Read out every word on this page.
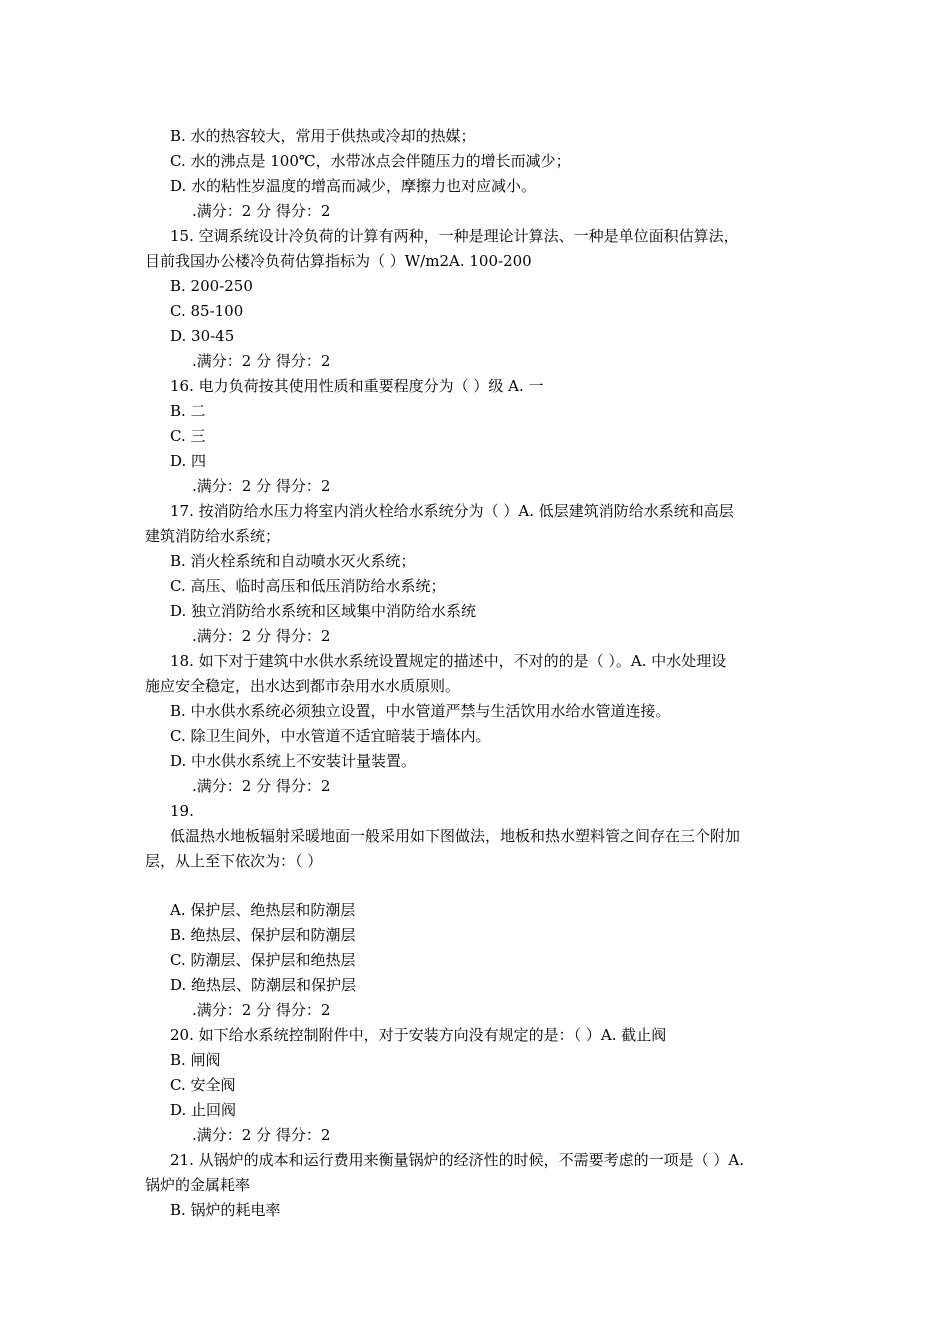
B. 水的热容较大，常用于供热或冷却的热媒；
C. 水的沸点是 100℃，水带冰点会伴随压力的增长而减少；
D. 水的粘性岁温度的增高而减少，摩擦力也对应减小。
.满分：2 分 得分：2
15. 空调系统设计冷负荷的计算有两种，一种是理论计算法、一种是单位面积估算法，
目前我国办公楼冷负荷估算指标为（ ）W/m2A. 100-200
B. 200-250
C. 85-100
D. 30-45
.满分：2 分 得分：2
16. 电力负荷按其使用性质和重要程度分为（ ）级 A. 一
B. 二
C. 三
D. 四
.满分：2 分 得分：2
17. 按消防给水压力将室内消火栓给水系统分为（ ）A. 低层建筑消防给水系统和高层
建筑消防给水系统；
B. 消火栓系统和自动喷水灭火系统；
C. 高压、临时高压和低压消防给水系统；
D. 独立消防给水系统和区域集中消防给水系统
.满分：2 分 得分：2
18. 如下对于建筑中水供水系统设置规定的描述中，不对的的是（ ）。A. 中水处理设
施应安全稳定，出水达到都市杂用水水质原则。
B. 中水供水系统必须独立设置，中水管道严禁与生活饮用水给水管道连接。
C. 除卫生间外，中水管道不适宜暗装于墙体内。
D. 中水供水系统上不安装计量装置。
.满分：2 分 得分：2
19.
低温热水地板辐射采暖地面一般采用如下图做法，地板和热水塑料管之间存在三个附加
层，从上至下依次为：（ ）
A. 保护层、绝热层和防潮层
B. 绝热层、保护层和防潮层
C. 防潮层、保护层和绝热层
D. 绝热层、防潮层和保护层
.满分：2 分 得分：2
20. 如下给水系统控制附件中，对于安装方向没有规定的是：（ ）A. 截止阀
B. 闸阀
C. 安全阀
D. 止回阀
.满分：2 分 得分：2
21. 从锅炉的成本和运行费用来衡量锅炉的经济性的时候，不需要考虑的一项是（ ）A.
锅炉的金属耗率
B. 锅炉的耗电率
